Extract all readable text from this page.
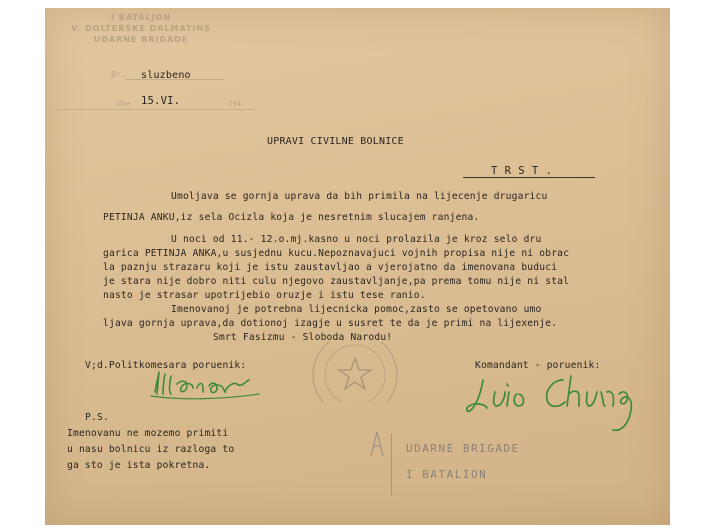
I BATALJON
V. DOLTERSKE DALMATINS
UDARNE BRIGADE
Br.
dne	194
sluzbeno
15.VI.
UPRAVI CIVILNE BOLNICE
T R S T .
Umoljava se gornja uprava da bih primila na lijecenje drugaricu
PETINJA ANKU,iz sela Ocizla koja je nesretnim slucajem ranjena.
U noci od 11.- 12.o.mj.kasno u noci prolazila je kroz selo dru
garica PETINJA ANKA,u susjednu kucu.Nepoznavajuci vojnih propisa nije ni obrac
la paznju strazaru koji je istu zaustavljao a vjerojatno da imenovana buduci
je stara nije dobro niti culu njegovo zaustavljanje,pa prema tomu nije ni stal
nasto je strasar upotrijebio oruzje i istu tese ranio.
Imenovanoj je potrebna lijecnicka pomoc,zasto se opetovano umo
ljava gornja uprava,da dotionoj izagje u susret te da je primi na lijexenje.
Smrt Fasizmu - Sloboda Narodu!
V;d.Politkomesara poruenik:	Komandant - poruenik:
P.S.
Imenovanu ne mozemo primiti
u nasu bolnicu iz razloga to
ga sto je ista pokretna.
UDARNE BRIGADE
I BATALION
